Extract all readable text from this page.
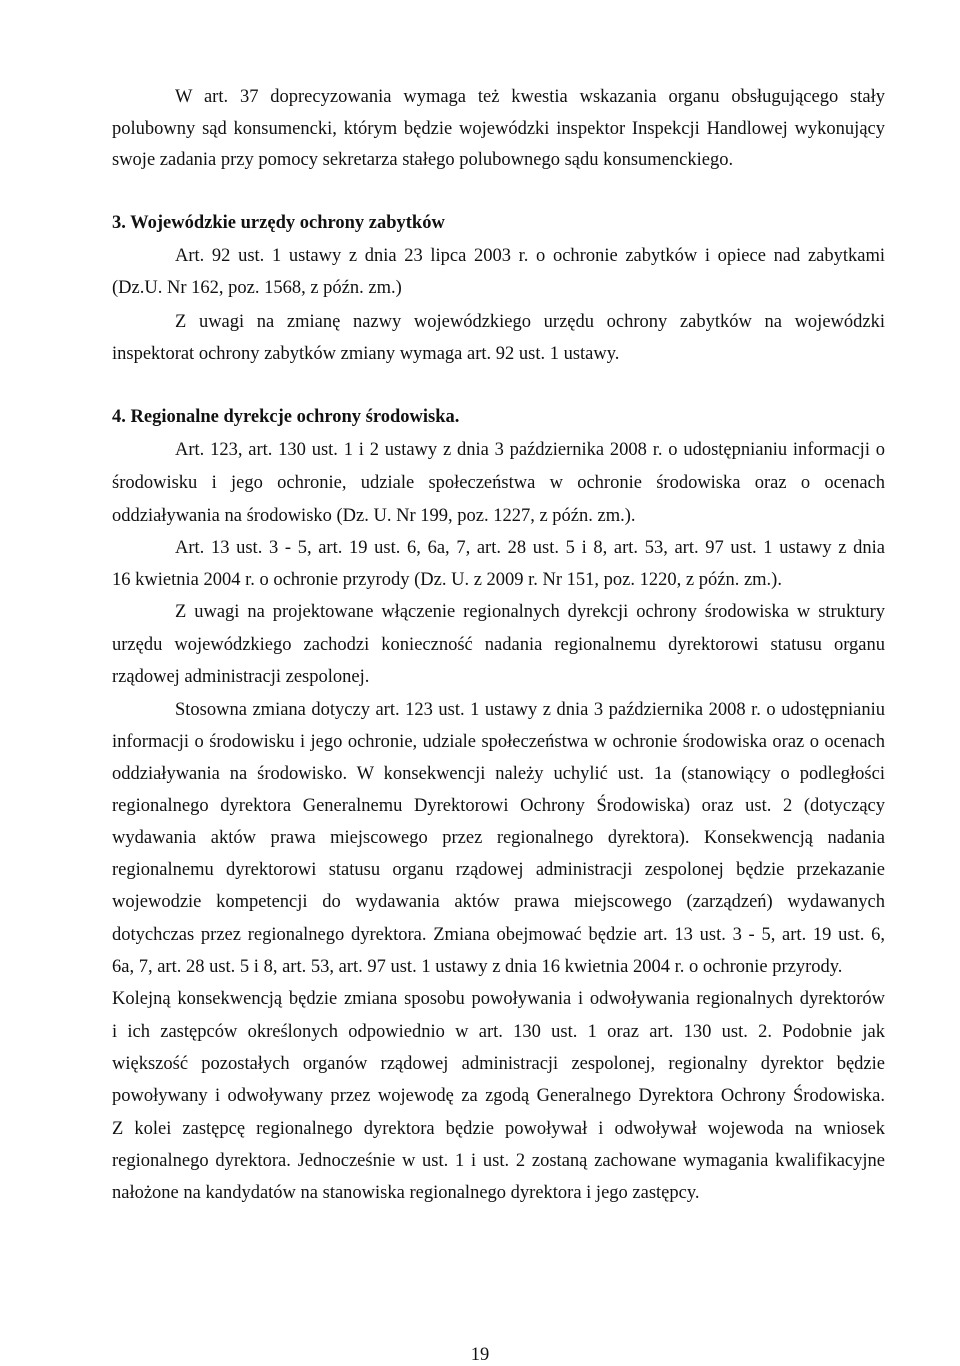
W art. 37 doprecyzowania wymaga też kwestia wskazania organu obsługującego stały
polubowny sąd konsumencki, którym będzie wojewódzki inspektor Inspekcji Handlowej wykonujący
swoje zadania przy pomocy sekretarza stałego polubownego sądu konsumenckiego.
3. Wojewódzkie urzędy ochrony zabytków
Art. 92 ust. 1 ustawy z dnia 23 lipca 2003 r. o ochronie zabytków i opiece nad zabytkami
(Dz.U. Nr 162, poz. 1568, z późn. zm.)
Z uwagi na zmianę nazwy wojewódzkiego urzędu ochrony zabytków na wojewódzki
inspektorat ochrony zabytków zmiany wymaga art. 92 ust. 1 ustawy.
4. Regionalne dyrekcje ochrony środowiska.
Art. 123, art. 130 ust. 1 i 2 ustawy z dnia 3 października 2008 r. o udostępnianiu informacji o
środowisku i jego ochronie, udziale społeczeństwa w ochronie środowiska oraz o ocenach
oddziaływania na środowisko (Dz. U. Nr 199, poz. 1227, z późn. zm.).
Art. 13 ust. 3 - 5, art. 19 ust. 6, 6a, 7, art. 28 ust. 5 i 8, art. 53, art. 97 ust. 1 ustawy z dnia
16 kwietnia 2004 r. o ochronie przyrody (Dz. U. z 2009 r. Nr 151, poz. 1220, z późn. zm.).
Z uwagi na projektowane włączenie regionalnych dyrekcji ochrony środowiska w struktury
urzędu wojewódzkiego zachodzi konieczność nadania regionalnemu dyrektorowi statusu organu
rządowej administracji zespolonej.
Stosowna zmiana dotyczy art. 123 ust. 1 ustawy z dnia 3 października 2008 r. o udostępnianiu
informacji o środowisku i jego ochronie, udziale społeczeństwa w ochronie środowiska oraz o ocenach
oddziaływania na środowisko. W konsekwencji należy uchylić ust. 1a (stanowiący o podległości
regionalnego dyrektora Generalnemu Dyrektorowi Ochrony Środowiska) oraz ust. 2 (dotyczący
wydawania aktów prawa miejscowego przez regionalnego dyrektora). Konsekwencją nadania
regionalnemu dyrektorowi statusu organu rządowej administracji zespolonej będzie przekazanie
wojewodzie kompetencji do wydawania aktów prawa miejscowego (zarządzeń) wydawanych
dotychczas przez regionalnego dyrektora. Zmiana obejmować będzie art. 13 ust. 3 - 5, art. 19 ust. 6,
6a, 7, art. 28 ust. 5 i 8, art. 53, art. 97 ust. 1 ustawy z dnia 16 kwietnia 2004 r. o ochronie przyrody.
Kolejną konsekwencją będzie zmiana sposobu powoływania i odwoływania regionalnych dyrektorów
i ich zastępców określonych odpowiednio w art. 130 ust. 1 oraz art. 130 ust. 2. Podobnie jak
większość pozostałych organów rządowej administracji zespolonej, regionalny dyrektor będzie
powoływany i odwoływany przez wojewodę za zgodą Generalnego Dyrektora Ochrony Środowiska.
Z kolei zastępcę regionalnego dyrektora będzie powoływał i odwoływał wojewoda na wniosek
regionalnego dyrektora. Jednocześnie w ust. 1 i ust. 2 zostaną zachowane wymagania kwalifikacyjne
nałożone na kandydatów na stanowiska regionalnego dyrektora i jego zastępcy.
19
